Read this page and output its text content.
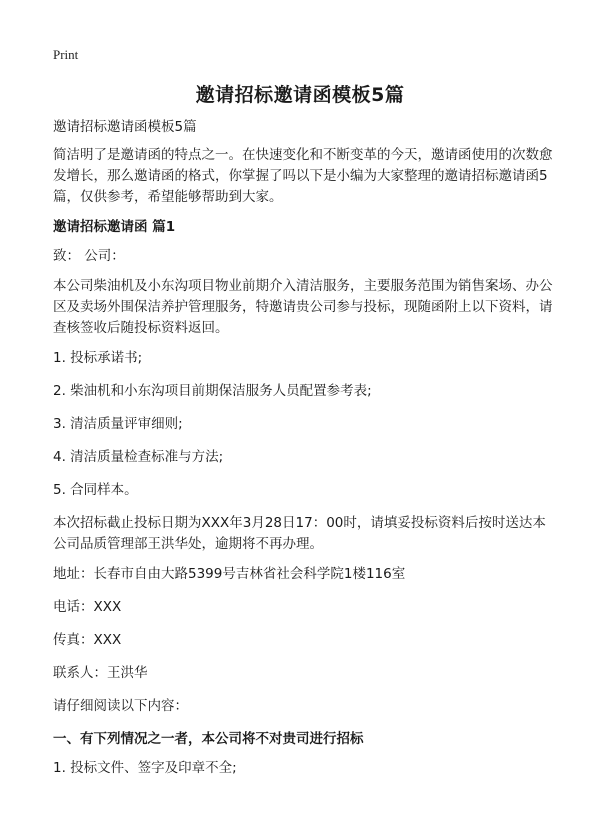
Print
邀请招标邀请函模板5篇

邀请招标邀请函模板5篇

简洁明了是邀请函的特点之一。在快速变化和不断变革的今天，邀请函使用的次数愈发增长，那么邀请函的格式，你掌握了吗以下是小编为大家整理的邀请招标邀请函5篇，仅供参考，希望能够帮助到大家。

邀请招标邀请函 篇1

致： 公司：

本公司柴油机及小东沟项目物业前期介入清洁服务，主要服务范围为销售案场、办公区及卖场外围保洁养护管理服务，特邀请贵公司参与投标，现随函附上以下资料，请查核签收后随投标资料返回。

1. 投标承诺书;

2. 柴油机和小东沟项目前期保洁服务人员配置参考表;

3. 清洁质量评审细则;

4. 清洁质量检查标准与方法;

5. 合同样本。

本次招标截止投标日期为XXX年3月28日17：00时，请填妥投标资料后按时送达本公司品质管理部王洪华处，逾期将不再办理。

地址：长春市自由大路5399号吉林省社会科学院1楼116室

电话：XXX

传真：XXX

联系人：王洪华

请仔细阅读以下内容：

一、有下列情况之一者，本公司将不对贵司进行招标

1. 投标文件、签字及印章不全;
